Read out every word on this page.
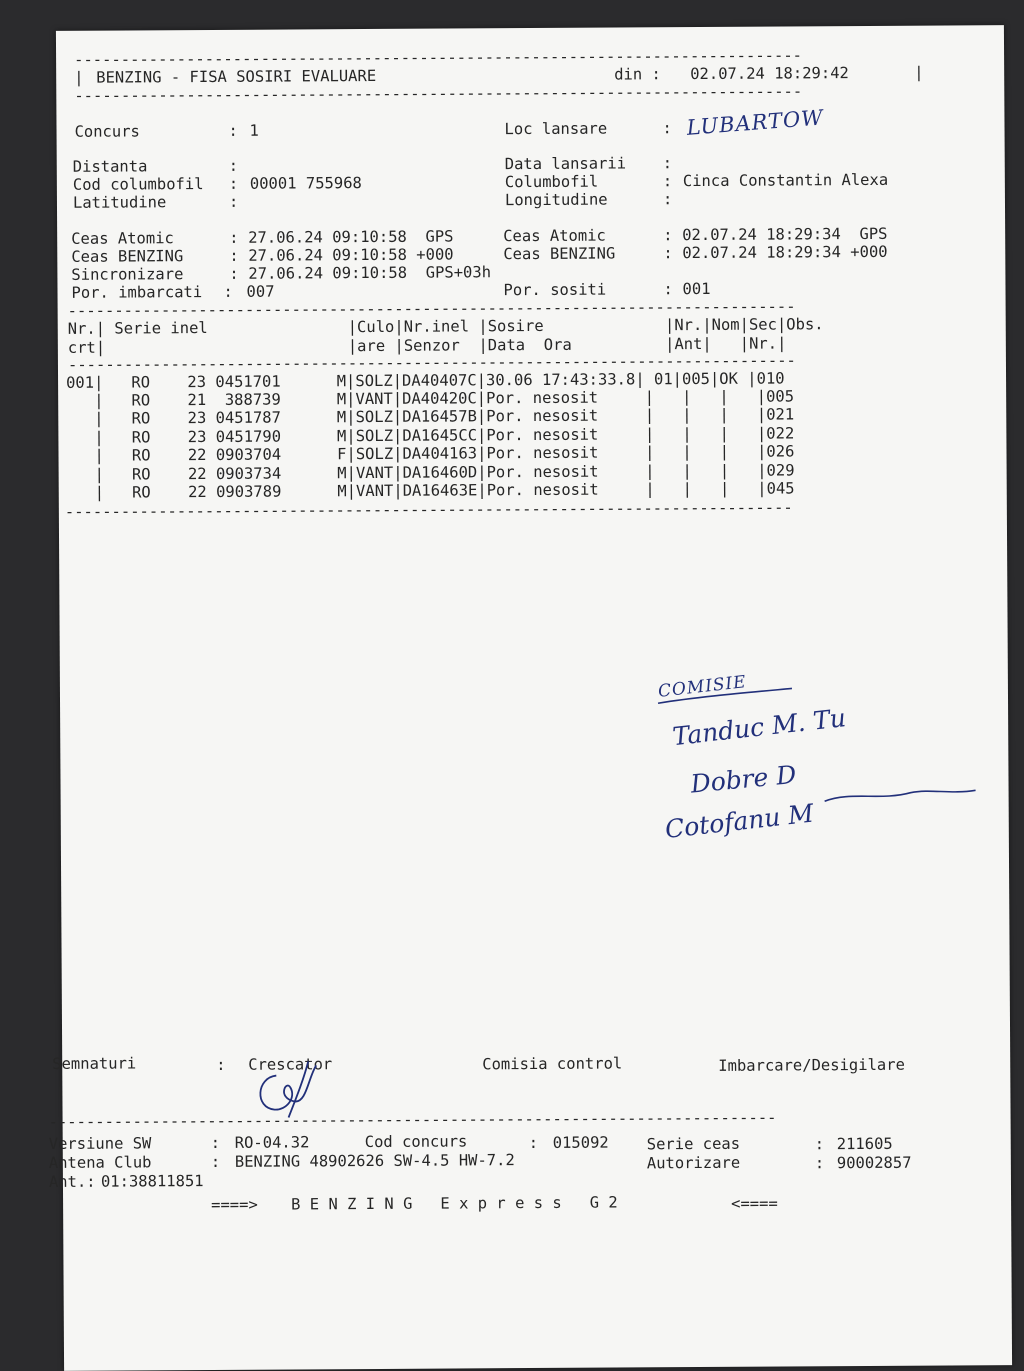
------------------------------------------------------------------------------
| BENZING - FISA SOSIRI EVALUARE	din : 02.07.24 18:29:42	|
------------------------------------------------------------------------------
Concurs	: 1	Loc lansare	: LUBARTOW
Distanta	:	Data lansarii :
Cod columbofil : 00001 755968	Columbofil	: Cinca Constantin Alexa
Latitudine	:	Longitudine	:
Ceas Atomic	: 27.06.24 09:10:58  GPS	Ceas Atomic	: 02.07.24 18:29:34  GPS
Ceas BENZING	: 27.06.24 09:10:58 +000	Ceas BENZING	: 02.07.24 18:29:34 +000
Sincronizare	: 27.06.24 09:10:58  GPS+03h
Por. imbarcati : 007	Por. sositi	: 001
------------------------------------------------------------------------------
Nr.| Serie inel               |Culo|Nr.inel |Sosire             |Nr.|Nom|Sec|Obs.
crt|                          |are |Senzor  |Data  Ora          |Ant|   |Nr.|
------------------------------------------------------------------------------
001|   RO    23 0451701      M|SOLZ|DA40407C|30.06 17:43:33.8| 01|005|OK |010
|   RO    21  388739      M|VANT|DA40420C|Por. nesosit     |   |   |   |005
|   RO    23 0451787      M|SOLZ|DA16457B|Por. nesosit     |   |   |   |021
|   RO    23 0451790      M|SOLZ|DA1645CC|Por. nesosit     |   |   |   |022
|   RO    22 0903704      F|SOLZ|DA404163|Por. nesosit     |   |   |   |026
|   RO    22 0903734      M|VANT|DA16460D|Por. nesosit     |   |   |   |029
|   RO    22 0903789      M|VANT|DA16463E|Por. nesosit     |   |   |   |045
------------------------------------------------------------------------------
COMISIE
Tanduc M. Tu
Dobre D
Cotofanu M
Semnaturi	: Crescator	Comisia control	Imbarcare/Desigilare
------------------------------------------------------------------------------
Versiune SW	: RO-04.32	Cod concurs	: 015092 Serie ceas	: 211605
Antena Club	: BENZING 48902626 SW-4.5 HW-7.2	Autorizare	: 90002857
Ant.: 01:38811851
====> B E N Z I N G   E x p r e s s   G 2	<====
